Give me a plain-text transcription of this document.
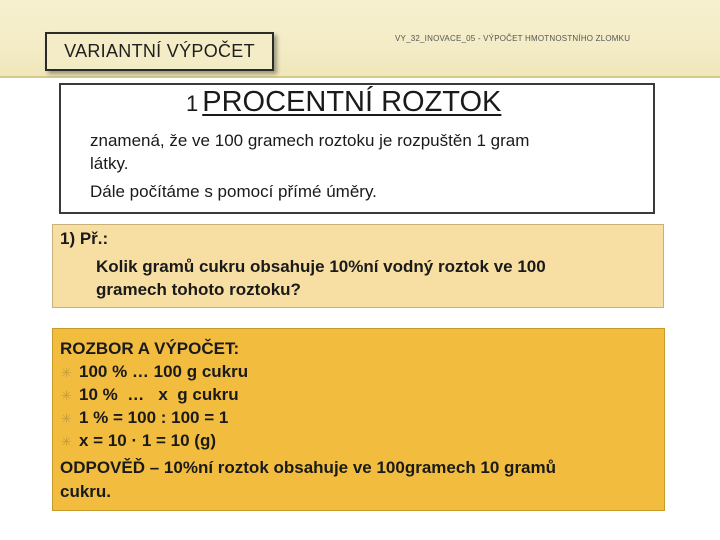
VARIANTNÍ VÝPOČET
VY_32_INOVACE_05 - VÝPOČET HMOTNOSTNÍHO ZLOMKU
1 PROCENTNÍ ROZTOK
znamená, že ve 100 gramech roztoku je rozpuštěn 1 gram
látky.
Dále počítáme s pomocí přímé úměry.
1) Př.:
Kolik gramů cukru obsahuje 10%ní vodný roztok ve 100
gramech tohoto roztoku?
ROZBOR A VÝPOČET:
✳ 100 % … 100 g cukru
✳ 10 %  …   x  g cukru
✳ 1 % = 100 : 100 = 1
✳ x = 10 · 1 = 10 (g)
ODPOVĚĎ – 10%ní roztok obsahuje ve 100gramech 10 gramů
cukru.
